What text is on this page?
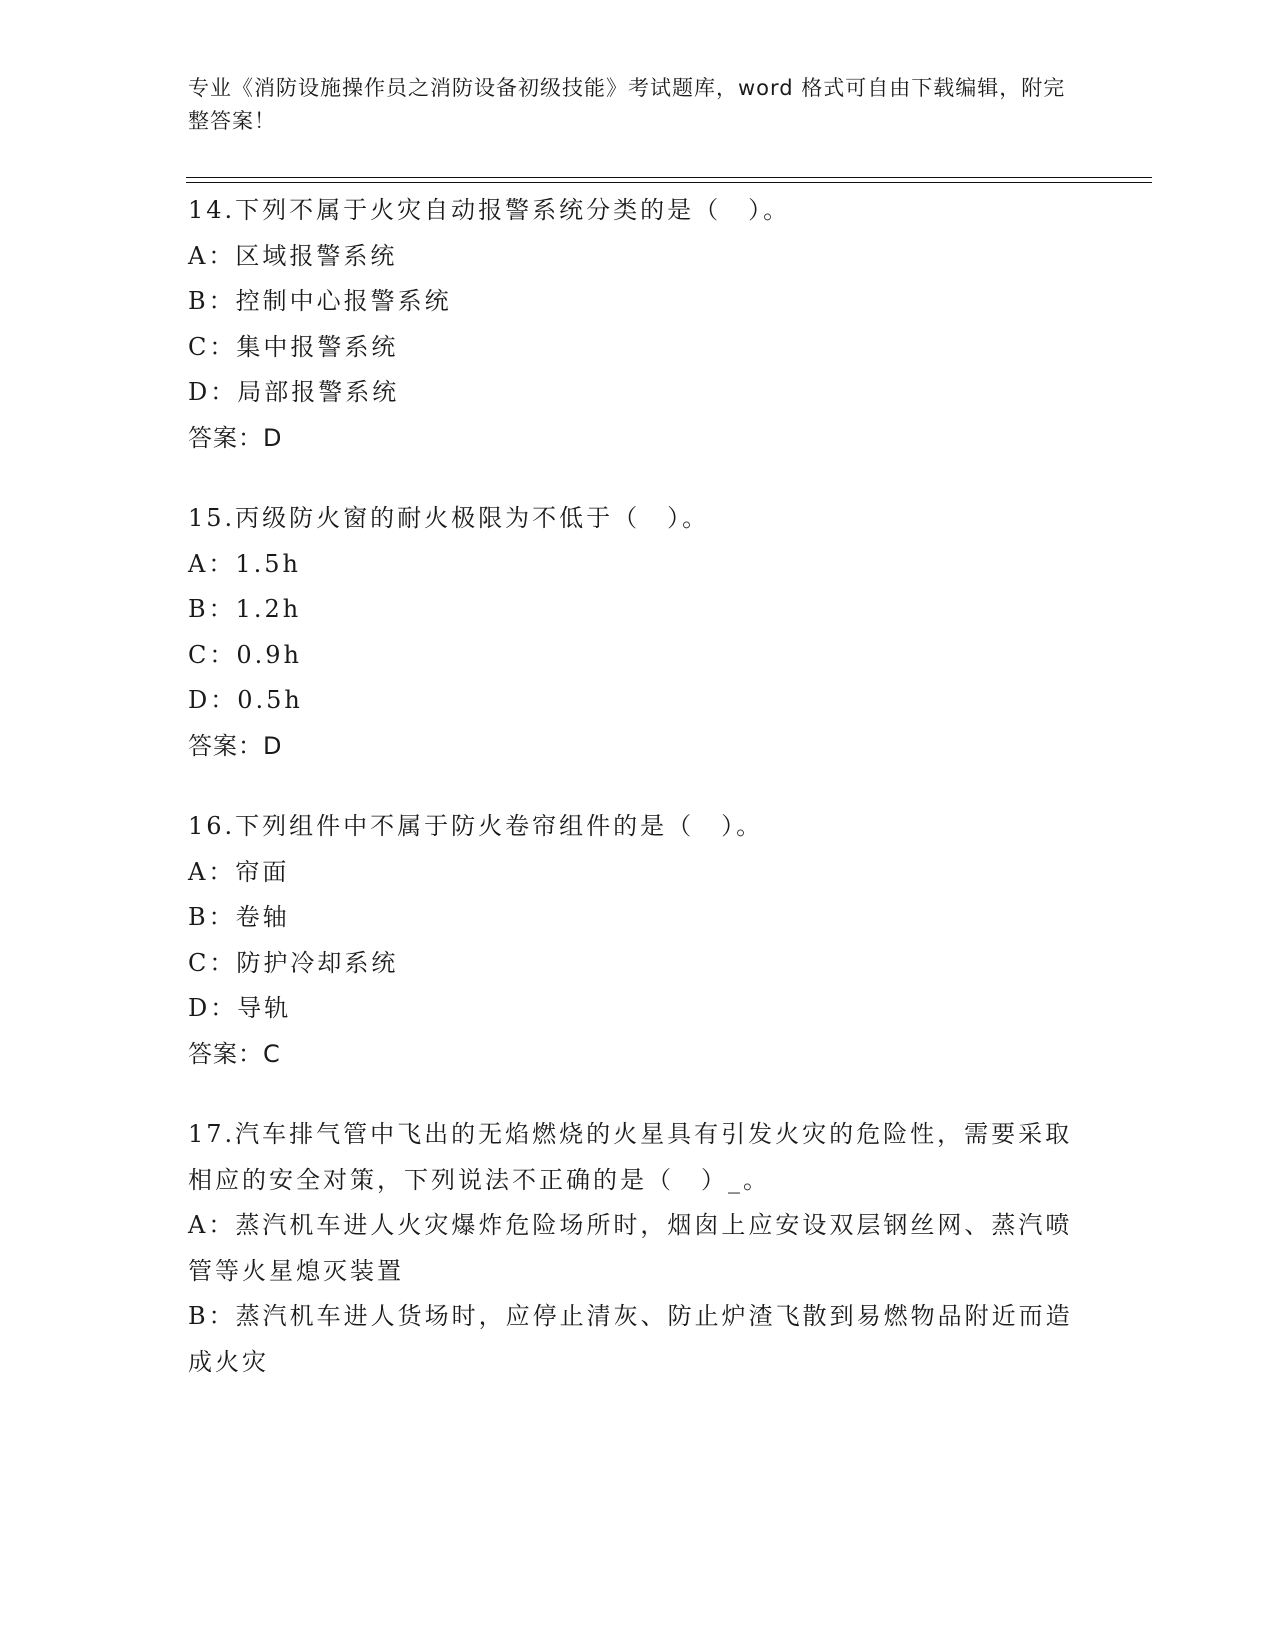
专业《消防设施操作员之消防设备初级技能》考试题库，word 格式可自由下载编辑，附完整答案！
14.下列不属于火灾自动报警系统分类的是（　）。
A：区域报警系统
B：控制中心报警系统
C：集中报警系统
D：局部报警系统
答案：D
15.丙级防火窗的耐火极限为不低于（　）。
A：1.5h
B：1.2h
C：0.9h
D：0.5h
答案：D
16.下列组件中不属于防火卷帘组件的是（　）。
A：帘面
B：卷轴
C：防护冷却系统
D：导轨
答案：C
17.汽车排气管中飞出的无焰燃烧的火星具有引发火灾的危险性，需要采取相应的安全对策，下列说法不正确的是（　）_。
A：蒸汽机车进人火灾爆炸危险场所时，烟囱上应安设双层钢丝网、蒸汽喷管等火星熄灭装置
B：蒸汽机车进人货场时，应停止清灰、防止炉渣飞散到易燃物品附近而造成火灾
